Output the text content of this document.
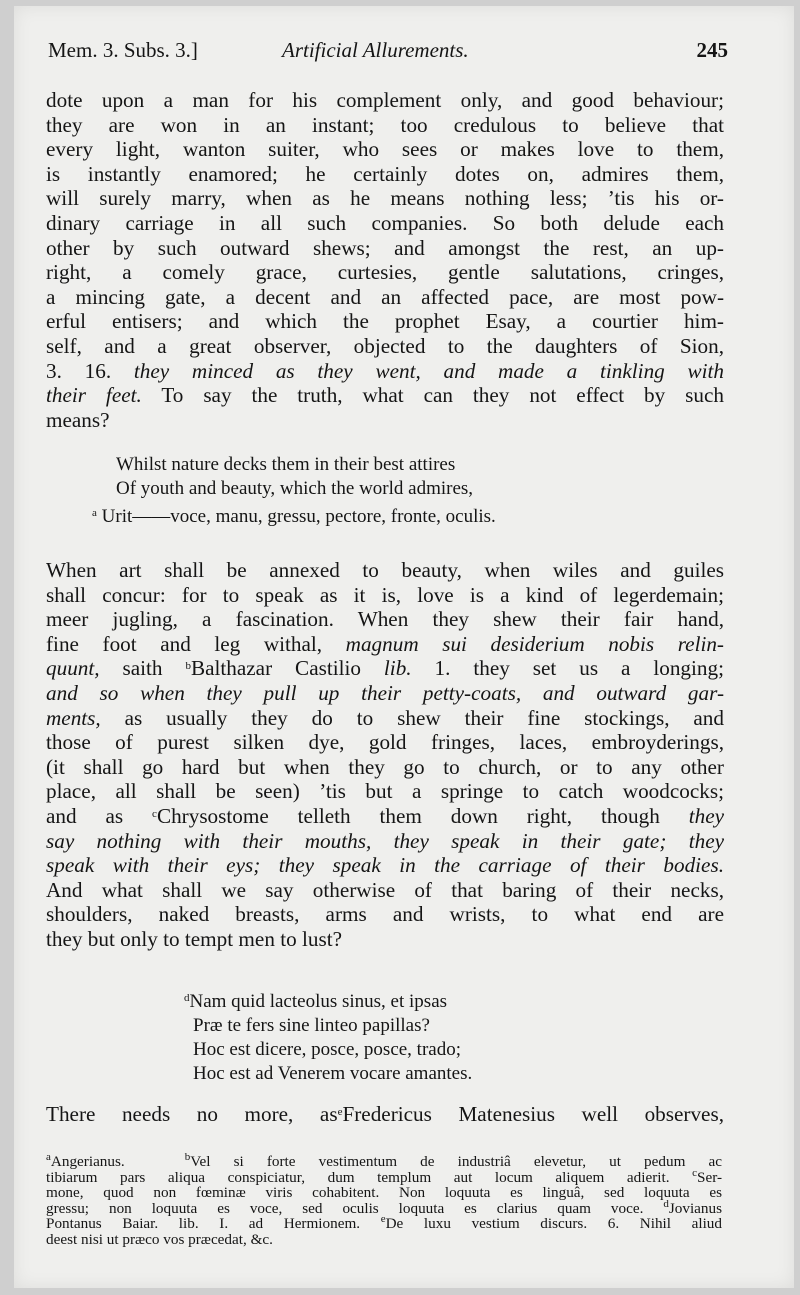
Mem. 3. Subs. 3.]	Artificial Allurements.	245
dote upon a man for his complement only, and good behaviour;
they are won in an instant; too credulous to believe that
every light, wanton suiter, who sees or makes love to them,
is instantly enamored; he certainly dotes on, admires them,
will surely marry, when as he means nothing less; ’tis his or-
dinary carriage in all such companies. So both delude each
other by such outward shews; and amongst the rest, an up-
right, a comely grace, curtesies, gentle salutations, cringes,
a mincing gate, a decent and an affected pace, are most pow-
erful entisers; and which the prophet Esay, a courtier him-
self, and a great observer, objected to the daughters of Sion,
3. 16. they minced as they went, and made a tinkling with
their feet. To say the truth, what can they not effect by such
means?
Whilst nature decks them in their best attires
Of youth and beauty, which the world admires,
$^a$ Urit——voce, manu, gressu, pectore, fronte, oculis.
When art shall be annexed to beauty, when wiles and guiles
shall concur: for to speak as it is, love is a kind of legerdemain;
meer jugling, a fascination. When they shew their fair hand,
fine foot and leg withal, magnum sui desiderium nobis relin-
quunt, saith $^b$Balthazar Castilio lib. 1. they set us a longing;
and so when they pull up their petty-coats, and outward gar-
ments, as usually they do to shew their fine stockings, and
those of purest silken dye, gold fringes, laces, embroyderings,
(it shall go hard but when they go to church, or to any other
place, all shall be seen) ’tis but a springe to catch woodcocks;
and as $^c$Chrysostome telleth them down right, though they
say nothing with their mouths, they speak in their gate; they
speak with their eys; they speak in the carriage of their bodies.
And what shall we say otherwise of that baring of their necks,
shoulders, naked breasts, arms and wrists, to what end are
they but only to tempt men to lust?
$^d$Nam quid lacteolus sinus, et ipsas
Præ te fers sine linteo papillas?
Hoc est dicere, posce, posce, trado;
Hoc est ad Venerem vocare amantes.
There needs no more, $as^eFredericus$ Matenesius well observes,
$^a$Angerianus.	$^b$Vel si forte vestimentum de industriâ elevetur, ut pedum ac
tibiarum pars aliqua conspiciatur, dum templum aut locum aliquem adierit. $^c$Ser-
mone, quod non fœminæ viris cohabitent. Non loquuta es linguâ, sed loquuta es
gressu; non loquuta es voce, sed oculis loquuta es clarius quam voce. $^d$Jovianus
Pontanus Baiar. lib. I. ad Hermionem. $^e$De luxu vestium discurs. 6. Nihil aliud
deest nisi ut præco vos præcedat, &c.
